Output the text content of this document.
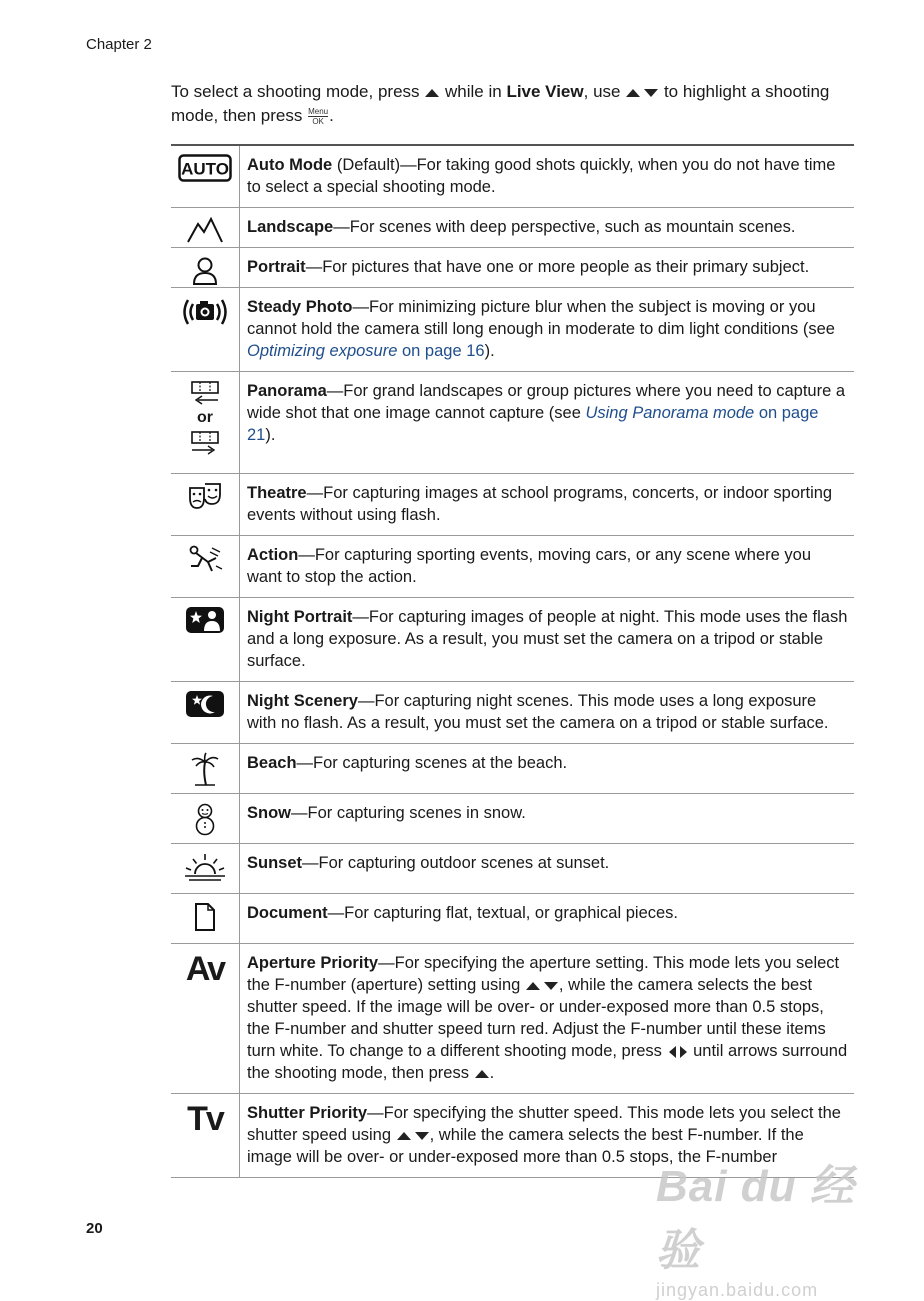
Chapter 2
To select a shooting mode, press while in Live View, use	to highlight a shooting mode, then press Menu
OK .
AUTO	Auto Mode (Default)—For taking good shots quickly, when you do not have time to select a special shooting mode.

	Landscape—For scenes with deep perspective, such as mountain scenes.

	Portrait—For pictures that have one or more people as their primary subject.

	Steady Photo—For minimizing picture blur when the subject is moving or you cannot hold the camera still long enough in moderate to dim light conditions (see Optimizing exposure on page 16).

or	Panorama—For grand landscapes or group pictures where you need to capture a wide shot that one image cannot capture (see Using Panorama mode on page 21).

	Theatre—For capturing images at school programs, concerts, or indoor sporting events without using flash.

	Action—For capturing sporting events, moving cars, or any scene where you want to stop the action.

	Night Portrait—For capturing images of people at night. This mode uses the flash and a long exposure. As a result, you must set the camera on a tripod or stable surface.

	Night Scenery—For capturing night scenes. This mode uses a long exposure with no flash. As a result, you must set the camera on a tripod or stable surface.

	Beach—For capturing scenes at the beach.

	Snow—For capturing scenes in snow.

	Sunset—For capturing outdoor scenes at sunset.

	Document—For capturing flat, textual, or graphical pieces.

Av	Aperture Priority—For specifying the aperture setting. This mode lets you select the F-number (aperture) setting using , while the camera selects the best shutter speed. If the image will be over- or under-exposed more than 0.5 stops, the F-number and shutter speed turn red. Adjust the F-number until these items turn white. To change to a different shooting mode, press until arrows surround the shooting mode, then press .

Tv	Shutter Priority—For specifying the shutter speed. This mode lets you select the shutter speed using , while the camera selects the best F-number. If the image will be over- or under-exposed more than 0.5 stops, the F-number
20
Bai du 经验
jingyan.baidu.com
